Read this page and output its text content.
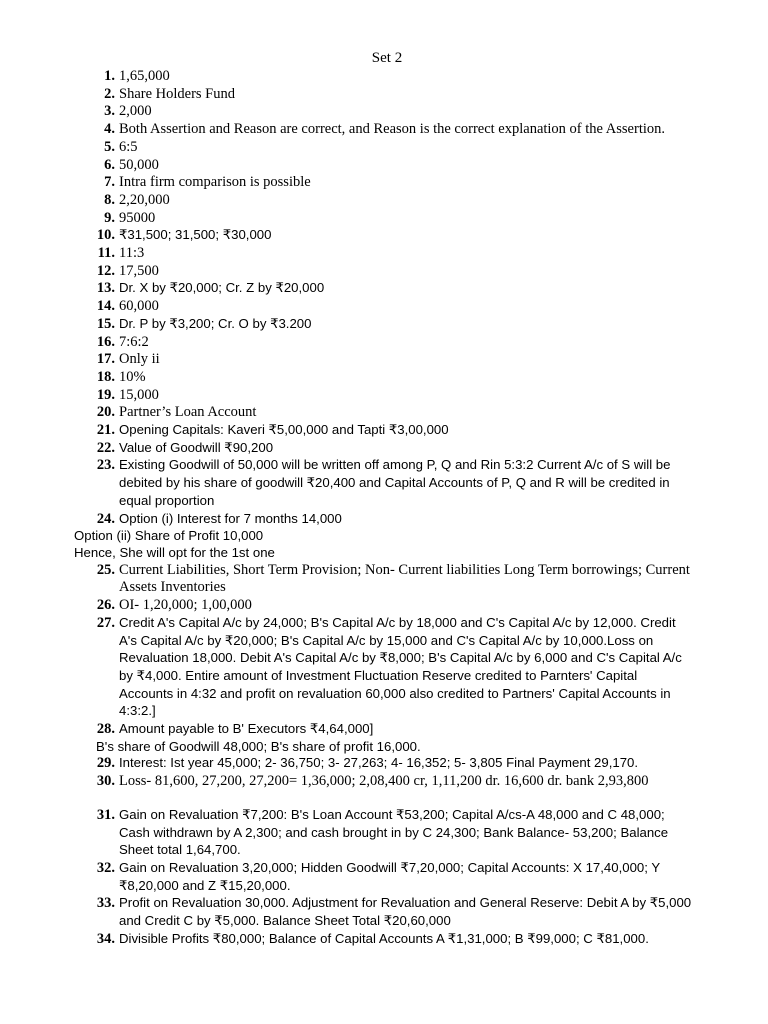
Set 2
1. 1,65,000
2. Share Holders Fund
3. 2,000
4. Both Assertion and Reason are correct, and Reason is the correct explanation of the Assertion.
5. 6:5
6. 50,000
7. Intra firm comparison is possible
8. 2,20,000
9. 95000
10. ₹31,500; 31,500; ₹30,000
11. 11:3
12. 17,500
13. Dr. X by ₹20,000; Cr. Z by ₹20,000
14. 60,000
15. Dr. P by ₹3,200; Cr. O by ₹3.200
16. 7:6:2
17. Only ii
18. 10%
19. 15,000
20. Partner’s Loan Account
21. Opening Capitals: Kaveri ₹5,00,000 and Tapti ₹3,00,000
22. Value of Goodwill ₹90,200
23. Existing Goodwill of 50,000 will be written off among P, Q and Rin 5:3:2 Current A/c of S will be debited by his share of goodwill ₹20,400 and Capital Accounts of P, Q and R will be credited in equal proportion
24. Option (i) Interest for 7 months 14,000
Option (ii) Share of Profit 10,000
Hence, She will opt for the 1st one
25. Current Liabilities, Short Term Provision; Non- Current liabilities Long Term borrowings; Current Assets Inventories
26. OI- 1,20,000; 1,00,000
27. Credit A's Capital A/c by 24,000; B's Capital A/c by 18,000 and C's Capital A/c by 12,000. Credit A's Capital A/c by ₹20,000; B's Capital A/c by 15,000 and C's Capital A/c by 10,000.Loss on Revaluation 18,000. Debit A's Capital A/c by ₹8,000; B's Capital A/c by 6,000 and C's Capital A/c by ₹4,000. Entire amount of Investment Fluctuation Reserve credited to Parnters' Capital Accounts in 4:32 and profit on revaluation 60,000 also credited to Partners' Capital Accounts in 4:3:2.]
28. Amount payable to B' Executors ₹4,64,000]
B's share of Goodwill 48,000; B's share of profit 16,000.
29. Interest: Ist year 45,000; 2- 36,750; 3- 27,263; 4- 16,352; 5- 3,805 Final Payment 29,170.
30. Loss- 81,600, 27,200, 27,200= 1,36,000; 2,08,400 cr, 1,11,200 dr. 16,600 dr. bank 2,93,800
31. Gain on Revaluation ₹7,200: B's Loan Account ₹53,200; Capital A/cs-A 48,000 and C 48,000; Cash withdrawn by A 2,300; and cash brought in by C 24,300; Bank Balance- 53,200; Balance Sheet total 1,64,700.
32. Gain on Revaluation 3,20,000; Hidden Goodwill ₹7,20,000; Capital Accounts: X 17,40,000; Y ₹8,20,000 and Z ₹15,20,000.
33. Profit on Revaluation 30,000. Adjustment for Revaluation and General Reserve: Debit A by ₹5,000 and Credit C by ₹5,000. Balance Sheet Total ₹20,60,000
34. Divisible Profits ₹80,000; Balance of Capital Accounts A ₹1,31,000; B ₹99,000; C ₹81,000.
